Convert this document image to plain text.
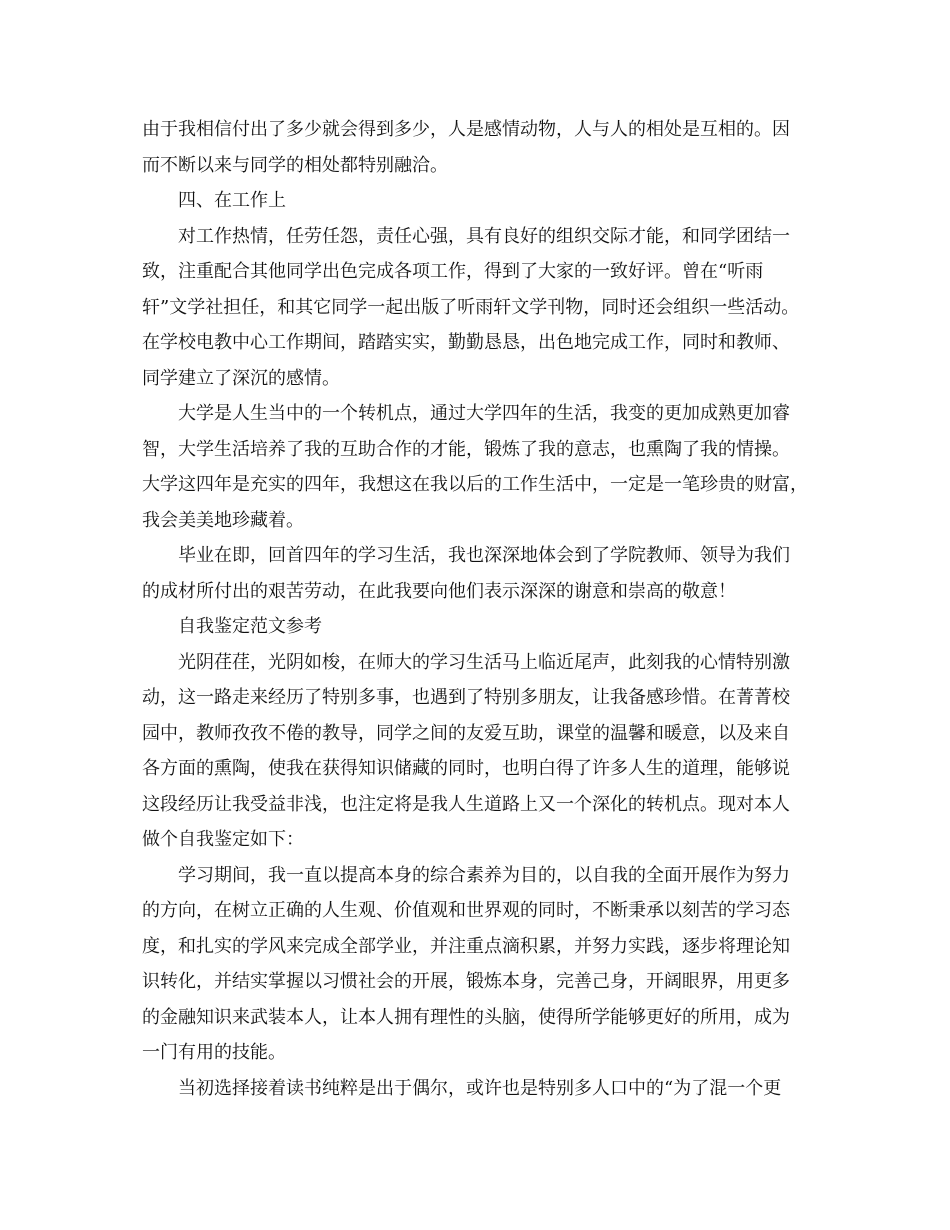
由于我相信付出了多少就会得到多少，人是感情动物，人与人的相处是互相的。因
而不断以来与同学的相处都特别融洽。
四、在工作上
对工作热情，任劳任怨，责任心强，具有良好的组织交际才能，和同学团结一
致，注重配合其他同学出色完成各项工作，得到了大家的一致好评。曾在“听雨
轩”文学社担任，和其它同学一起出版了听雨轩文学刊物，同时还会组织一些活动。
在学校电教中心工作期间，踏踏实实，勤勤恳恳，出色地完成工作，同时和教师、
同学建立了深沉的感情。
大学是人生当中的一个转机点，通过大学四年的生活，我变的更加成熟更加睿
智，大学生活培养了我的互助合作的才能，锻炼了我的意志，也熏陶了我的情操。
大学这四年是充实的四年，我想这在我以后的工作生活中，一定是一笔珍贵的财富，
我会美美地珍藏着。
毕业在即，回首四年的学习生活，我也深深地体会到了学院教师、领导为我们
的成材所付出的艰苦劳动，在此我要向他们表示深深的谢意和崇高的敬意！
自我鉴定范文参考
光阴荏荏，光阴如梭，在师大的学习生活马上临近尾声，此刻我的心情特别激
动，这一路走来经历了特别多事，也遇到了特别多朋友，让我备感珍惜。在菁菁校
园中，教师孜孜不倦的教导，同学之间的友爱互助，课堂的温馨和暖意，以及来自
各方面的熏陶，使我在获得知识储藏的同时，也明白得了许多人生的道理，能够说
这段经历让我受益非浅，也注定将是我人生道路上又一个深化的转机点。现对本人
做个自我鉴定如下：
学习期间，我一直以提高本身的综合素养为目的，以自我的全面开展作为努力
的方向，在树立正确的人生观、价值观和世界观的同时，不断秉承以刻苦的学习态
度，和扎实的学风来完成全部学业，并注重点滴积累，并努力实践，逐步将理论知
识转化，并结实掌握以习惯社会的开展，锻炼本身，完善己身，开阔眼界，用更多
的金融知识来武装本人，让本人拥有理性的头脑，使得所学能够更好的所用，成为
一门有用的技能。
当初选择接着读书纯粹是出于偶尔，或许也是特别多人口中的“为了混一个更
